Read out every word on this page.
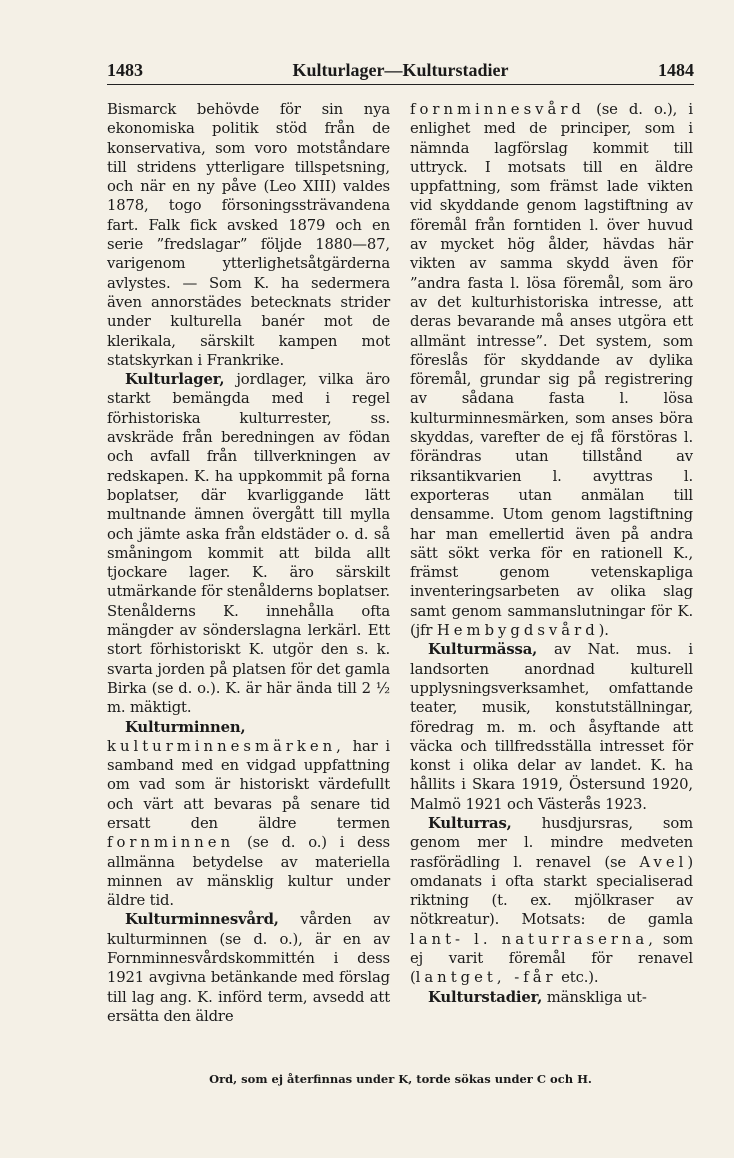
1483	Kulturlager—Kulturstadier	1484

Bismarck behövde för sin nya ekonomiska politik stöd från de konservativa, som voro motståndare till stridens ytterligare tillspetsning, och när en ny påve (Leo XIII) valdes 1878, togo försoningssträvandena fart. Falk fick avsked 1879 och en serie ”fredslagar” följde 1880—87, varigenom ytterlighetsåtgärderna avlystes. — Som K. ha sedermera även annorstädes betecknats strider under kulturella banér mot de klerikala, särskilt kampen mot statskyrkan i Frankrike.

Kulturlager, jordlager, vilka äro starkt bemängda med i regel förhistoriska kulturrester, ss. avskräde från beredningen av födan och avfall från tillverkningen av redskapen. K. ha uppkommit på forna boplatser, där kvarliggande lätt multnande ämnen övergått till mylla och jämte aska från eldstäder o. d. så småningom kommit att bilda allt tjockare lager. K. äro särskilt utmärkande för stenålderns boplatser. Stenålderns K. innehålla ofta mängder av sönderslagna lerkärl. Ett stort förhistoriskt K. utgör den s. k. svarta jorden på platsen för det gamla Birka (se d. o.). K. är här ända till 2 ½ m. mäktigt.

Kulturminnen, kulturminnesmärken, har i samband med en vidgad uppfattning om vad som är historiskt värdefullt och värt att bevaras på senare tid ersatt den äldre termen fornminnen (se d. o.) i dess allmänna betydelse av materiella minnen av mänsklig kultur under äldre tid.

Kulturminnesvård, vården av kulturminnen (se d. o.), är en av Fornminnesvårdskommittén i dess 1921 avgivna betänkande med förslag till lag ang. K. införd term, avsedd att ersätta den äldre

fornminnesvård (se d. o.), i enlighet med de principer, som i nämnda lagförslag kommit till uttryck. I motsats till en äldre uppfattning, som främst lade vikten vid skyddande genom lagstiftning av föremål från forntiden l. över huvud av mycket hög ålder, hävdas här vikten av samma skydd även för ”andra fasta l. lösa föremål, som äro av det kulturhistoriska intresse, att deras bevarande må anses utgöra ett allmänt intresse”. Det system, som föreslås för skyddande av dylika föremål, grundar sig på registrering av sådana fasta l. lösa kulturminnesmärken, som anses böra skyddas, varefter de ej få förstöras l. förändras utan tillstånd av riksantikvarien l. avyttras l. exporteras utan anmälan till densamme. Utom genom lagstiftning har man emellertid även på andra sätt sökt verka för en rationell K., främst genom vetenskapliga inventeringsarbeten av olika slag samt genom sammanslutningar för K. (jfr Hembygdsvård).

Kulturmässa, av Nat. mus. i landsorten anordnad kulturell upplysningsverksamhet, omfattande teater, musik, konstutställningar, föredrag m. m. och åsyftande att väcka och tillfredsställa intresset för konst i olika delar av landet. K. ha hållits i Skara 1919, Östersund 1920, Malmö 1921 och Västerås 1923.

Kulturras, husdjursras, som genom mer l. mindre medveten rasförädling l. renavel (se Avel) omdanats i ofta starkt specialiserad riktning (t. ex. mjölkraser av nötkreatur). Motsats: de gamla lant- l. naturraserna, som ej varit föremål för renavel (lantget, -får etc.).

Kulturstadier, mänskliga ut-

Ord, som ej återfinnas under K, torde sökas under C och H.
